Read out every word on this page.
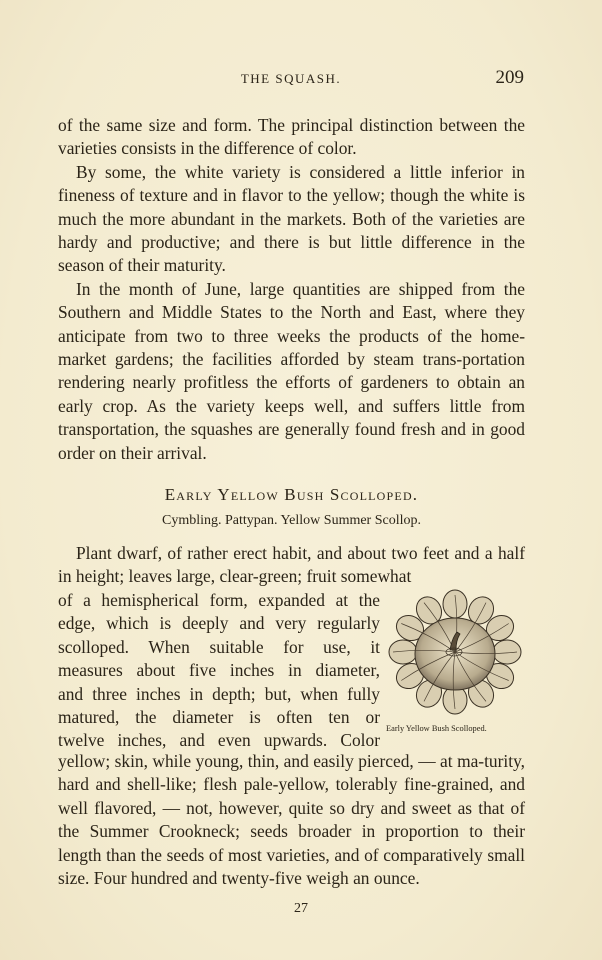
THE SQUASH.	209

of the same size and form. The principal distinction between the varieties consists in the difference of color.

By some, the white variety is considered a little inferior in fineness of texture and in flavor to the yellow; though the white is much the more abundant in the markets. Both of the varieties are hardy and productive; and there is but little difference in the season of their maturity.

In the month of June, large quantities are shipped from the Southern and Middle States to the North and East, where they anticipate from two to three weeks the products of the home-market gardens; the facilities afforded by steam trans-portation rendering nearly profitless the efforts of gardeners to obtain an early crop. As the variety keeps well, and suffers little from transportation, the squashes are generally found fresh and in good order on their arrival.

Early Yellow Bush Scolloped.
Cymbling. Pattypan. Yellow Summer Scollop.

Plant dwarf, of rather erect habit, and about two feet and a half in height; leaves large, clear-green; fruit somewhat

of a hemispherical form, expanded at the
edge, which is deeply and very regularly
scolloped. When suitable for use, it
measures about five inches in diameter,
and three inches in depth; but, when fully
matured, the diameter is often ten or
twelve inches, and even upwards. Color
Early Yellow Bush Scolloped.

yellow; skin, while young, thin, and easily pierced, — at ma-turity, hard and shell-like; flesh pale-yellow, tolerably fine-grained, and well flavored, — not, however, quite so dry and sweet as that of the Summer Crookneck; seeds broader in proportion to their length than the seeds of most varieties, and of comparatively small size. Four hundred and twenty-five weigh an ounce.

27
